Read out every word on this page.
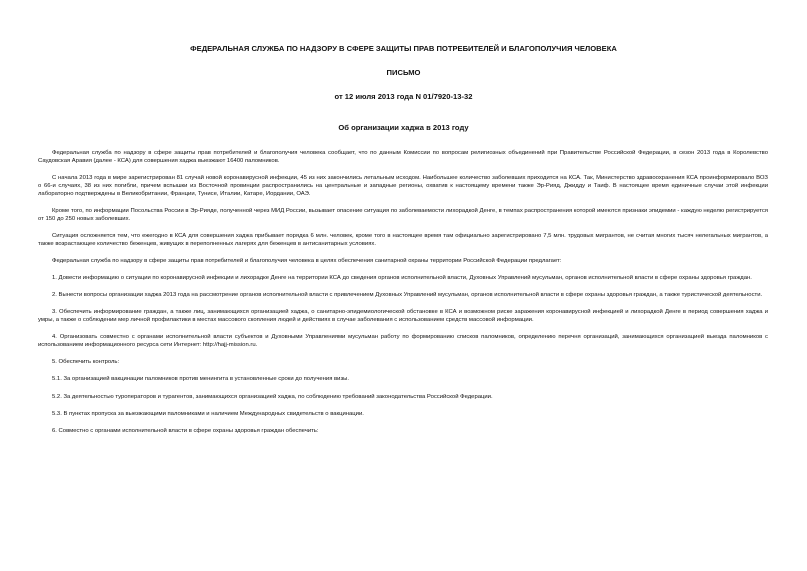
ФЕДЕРАЛЬНАЯ СЛУЖБА ПО НАДЗОРУ В СФЕРЕ ЗАЩИТЫ ПРАВ ПОТРЕБИТЕЛЕЙ И БЛАГОПОЛУЧИЯ ЧЕЛОВЕКА

ПИСЬМО

от 12 июля 2013 года N 01/7920-13-32

Об организации хаджа в 2013 году

Федеральная служба по надзору в сфере защиты прав потребителей и благополучия человека сообщает, что по данным Комиссии по вопросам религиозных объединений при Правительстве Российской Федерации, в сезон 2013 года в Королевство Саудовская Аравия (далее - КСА) для совершения хаджа выезжают 16400 паломников.

С начала 2013 года в мире зарегистрирован 81 случай новой коронавирусной инфекции, 45 из них закончились летальным исходом. Наибольшее количество заболевших приходится на КСА. Так, Министерство здравоохранения КСА проинформировало ВОЗ о 66-и случаях, 38 из них погибли, причем вспышки из Восточной провинции распространились на центральные и западные регионы, охватив к настоящему времени также Эр-Рияд, Джидду и Таиф. В настоящее время единичные случаи этой инфекции лабораторно подтверждены в Великобритании, Франции, Тунисе, Италии, Катаре, Иордании, ОАЭ.

Кроме того, по информации Посольства России в Эр-Рияде, полученной через МИД России, вызывает опасение ситуация по заболеваемости лихорадкой Денге, в темпах распространения которой имеются признаки эпидемии - каждую неделю регистрируется от 150 до 250 новых заболевших.

Ситуация осложняется тем, что ежегодно в КСА для совершения хаджа прибывает порядка 6 млн. человек, кроме того в настоящее время там официально зарегистрировано 7,5 млн. трудовых мигрантов, не считая многих тысяч нелегальных мигрантов, а также возрастающее количество беженцев, живущих в переполненных лагерях для беженцев в антисанитарных условиях.

Федеральная служба по надзору в сфере защиты прав потребителей и благополучия человека в целях обеспечения санитарной охраны территории Российской Федерации предлагает:

1. Довести информацию о ситуации по коронавирусной инфекции и лихорадке Денге на территории КСА до сведения органов исполнительной власти, Духовных Управлений мусульман, органов исполнительной власти в сфере охраны здоровья граждан.

2. Вынести вопросы организации хаджа 2013 года на рассмотрение органов исполнительной власти с привлечением Духовных Управлений мусульман, органов исполнительной власти в сфере охраны здоровья граждан, а также туристической деятельности.

3. Обеспечить информирование граждан, а также лиц, занимающихся организацией хаджа, о санитарно-эпидемиологической обстановке в КСА и возможном риске заражения коронавирусной инфекцией и лихорадкой Денге в период совершения хаджа и умры, а также о соблюдении мер личной профилактики в местах массового скопления людей и действиях в случае заболевания с использованием средств массовой информации.

4. Организовать совместно с органами исполнительной власти субъектов и Духовными Управлениями мусульман работу по формированию списков паломников, определению перечня организаций, занимающихся организацией выезда паломников с использованием информационного ресурса сети Интернет: http://hajj-mission.ru.

5. Обеспечить контроль:

5.1. За организацией вакцинации паломников против менингита в установленные сроки до получения визы.

5.2. За деятельностью туроператоров и турагентов, занимающихся организацией хаджа, по соблюдению требований законодательства Российской Федерации.

5.3. В пунктах пропуска за выезжающими паломниками и наличием Международных свидетельств о вакцинации.

6. Совместно с органами исполнительной власти в сфере охраны здоровья граждан обеспечить:
